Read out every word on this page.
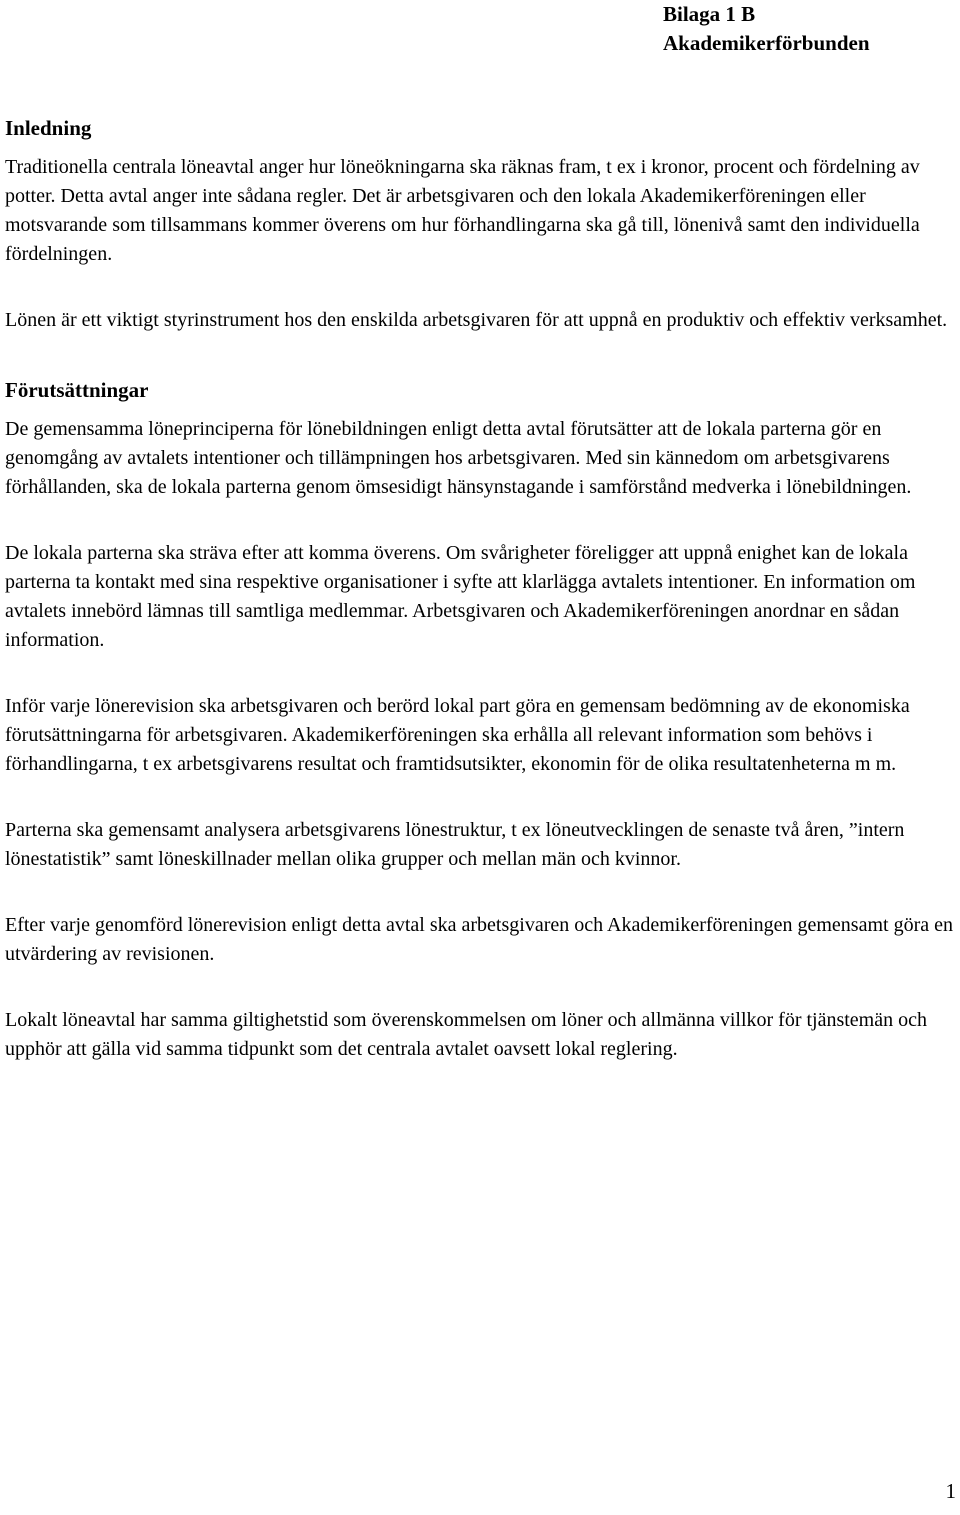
Bilaga 1 B
Akademikerförbunden
Inledning

Traditionella centrala löneavtal anger hur löneökningarna ska räknas fram, t ex i kronor, procent och fördelning av potter. Detta avtal anger inte sådana regler. Det är arbetsgivaren och den lokala Akademikerföreningen eller motsvarande som tillsammans kommer överens om hur förhandlingarna ska gå till, lönenivå samt den individuella fördelningen.

Lönen är ett viktigt styrinstrument hos den enskilda arbetsgivaren för att uppnå en produktiv och effektiv verksamhet.

Förutsättningar

De gemensamma löneprinciperna för lönebildningen enligt detta avtal förutsätter att de lokala parterna gör en genomgång av avtalets intentioner och tillämpningen hos arbetsgivaren. Med sin kännedom om arbetsgivarens förhållanden, ska de lokala parterna genom ömsesidigt hänsynstagande i samförstånd medverka i lönebildningen.

De lokala parterna ska sträva efter att komma överens. Om svårigheter föreligger att uppnå enighet kan de lokala parterna ta kontakt med sina respektive organisationer i syfte att klarlägga avtalets intentioner. En information om avtalets innebörd lämnas till samtliga medlemmar. Arbetsgivaren och Akademikerföreningen anordnar en sådan information.

Inför varje lönerevision ska arbetsgivaren och berörd lokal part göra en gemensam bedömning av de ekonomiska förutsättningarna för arbetsgivaren. Akademikerföreningen ska erhålla all relevant information som behövs i förhandlingarna, t ex arbetsgivarens resultat och framtidsutsikter, ekonomin för de olika resultatenheterna m m.

Parterna ska gemensamt analysera arbetsgivarens lönestruktur, t ex löneutvecklingen de senaste två åren, ”intern lönestatistik” samt löneskillnader mellan olika grupper och mellan män och kvinnor.

Efter varje genomförd lönerevision enligt detta avtal ska arbetsgivaren och Akademikerföreningen gemensamt göra en utvärdering av revisionen.

Lokalt löneavtal har samma giltighetstid som överenskommelsen om löner och allmänna villkor för tjänstemän och upphör att gälla vid samma tidpunkt som det centrala avtalet oavsett lokal reglering.

1
